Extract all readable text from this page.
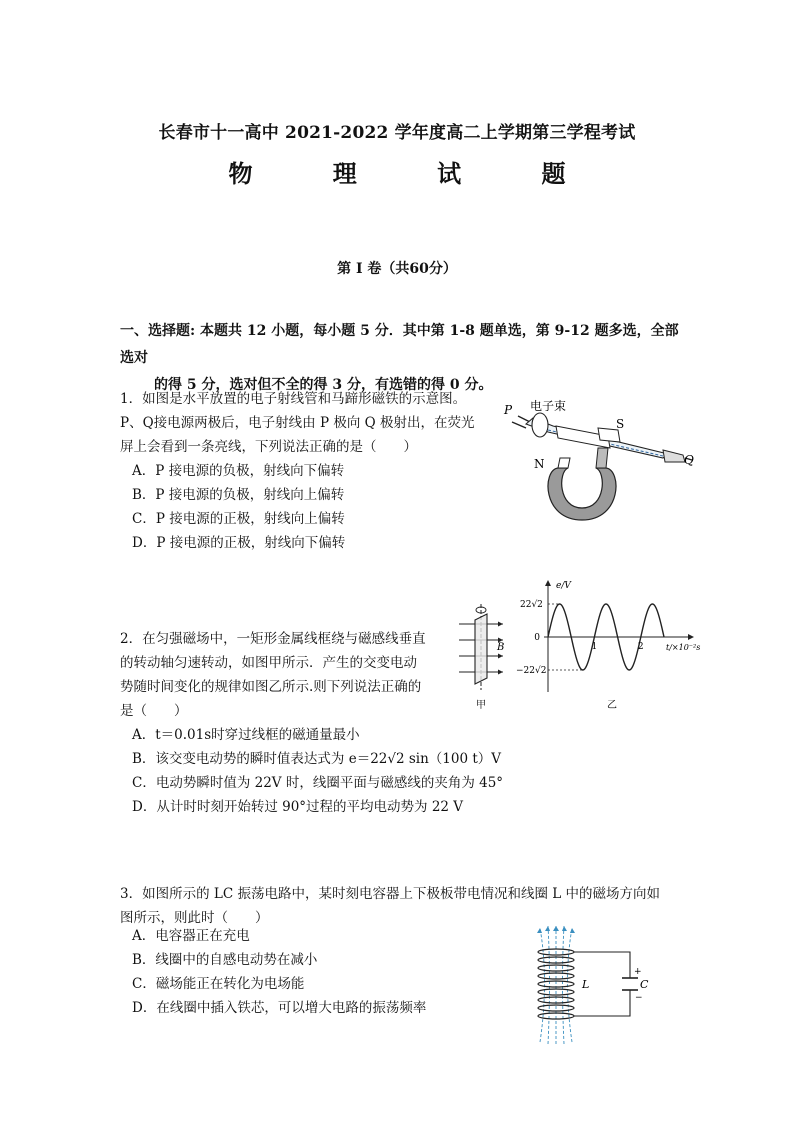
长春市十一高中 2021-2022 学年度高二上学期第三学程考试
物 理 试 题
第 I 卷（共60分）
一、选择题: 本题共 12 小题，每小题 5 分．其中第 1-8 题单选，第 9-12 题多选，全部选对
的得 5 分，选对但不全的得 3 分，有选错的得 0 分。
1．如图是水平放置的电子射线管和马蹄形磁铁的示意图。
P、Q接电源两极后，电子射线由 P 极向 Q 极射出，在荧光
屏上会看到一条亮线，下列说法正确的是（　　）
A．P 接电源的负极，射线向下偏转
B．P 接电源的负极，射线向上偏转
C．P 接电源的正极，射线向上偏转
D．P 接电源的正极，射线向下偏转
P 电子束
S
N	Q
2．在匀强磁场中，一矩形金属线框绕与磁感线垂直
的转动轴匀速转动，如图甲所示．产生的交变电动
势随时间变化的规律如图乙所示.则下列说法正确的
是（　　）
A．t＝0.01s时穿过线框的磁通量最小
B．该交变电动势的瞬时值表达式为 e＝22√2 sin（100 t）V
C．电动势瞬时值为 22V 时，线圈平面与磁感线的夹角为 45°
D．从计时时刻开始转过 90°过程的平均电动势为 22 V
B
甲
e/V
t/×10⁻²s
22√2
0
−22√2
1	2
乙
3．如图所示的 LC 振荡电路中，某时刻电容器上下极板带电情况和线圈 L 中的磁场方向如
图所示，则此时（　　）
A．电容器正在充电
B．线圈中的自感电动势在减小
C．磁场能正在转化为电场能
D．在线圈中插入铁芯，可以增大电路的振荡频率
+
−
L	C
